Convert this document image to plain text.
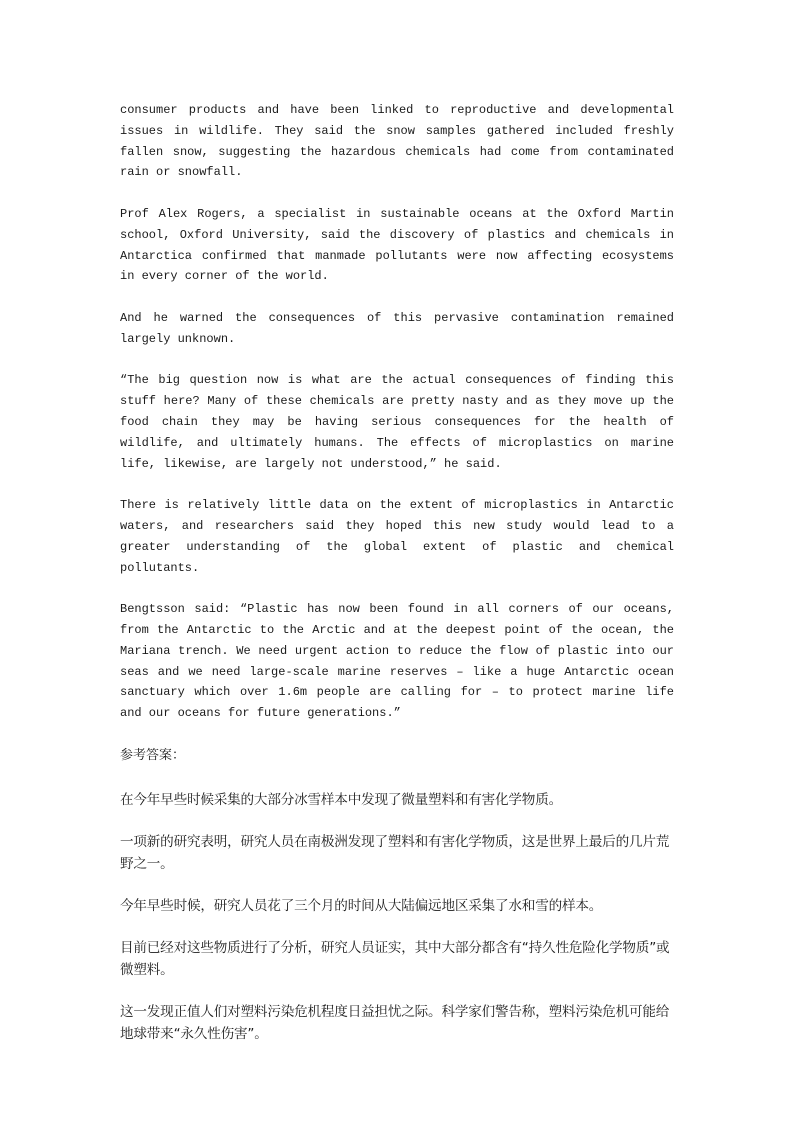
consumer products and have been linked to reproductive and developmental issues in wildlife. They said the snow samples gathered included freshly fallen snow, suggesting the hazardous chemicals had come from contaminated rain or snowfall.

Prof Alex Rogers, a specialist in sustainable oceans at the Oxford Martin school, Oxford University, said the discovery of plastics and chemicals in Antarctica confirmed that manmade pollutants were now affecting ecosystems in every corner of the world.

And he warned the consequences of this pervasive contamination remained largely unknown.

“The big question now is what are the actual consequences of finding this stuff here? Many of these chemicals are pretty nasty and as they move up the food chain they may be having serious consequences for the health of wildlife, and ultimately humans. The effects of microplastics on marine life, likewise, are largely not understood,” he said.

There is relatively little data on the extent of microplastics in Antarctic waters, and researchers said they hoped this new study would lead to a greater understanding of the global extent of plastic and chemical pollutants.

Bengtsson said: “Plastic has now been found in all corners of our oceans, from the Antarctic to the Arctic and at the deepest point of the ocean, the Mariana trench. We need urgent action to reduce the flow of plastic into our seas and we need large-scale marine reserves – like a huge Antarctic ocean sanctuary which over 1.6m people are calling for – to protect marine life and our oceans for future generations.”

参考答案：

在今年早些时候采集的大部分冰雪样本中发现了微量塑料和有害化学物质。

一项新的研究表明，研究人员在南极洲发现了塑料和有害化学物质，这是世界上最后的几片荒野之一。

今年早些时候，研究人员花了三个月的时间从大陆偏远地区采集了水和雪的样本。

目前已经对这些物质进行了分析，研究人员证实，其中大部分都含有“持久性危险化学物质”或微塑料。

这一发现正值人们对塑料污染危机程度日益担忧之际。科学家们警告称，塑料污染危机可能给地球带来“永久性伤害”。
